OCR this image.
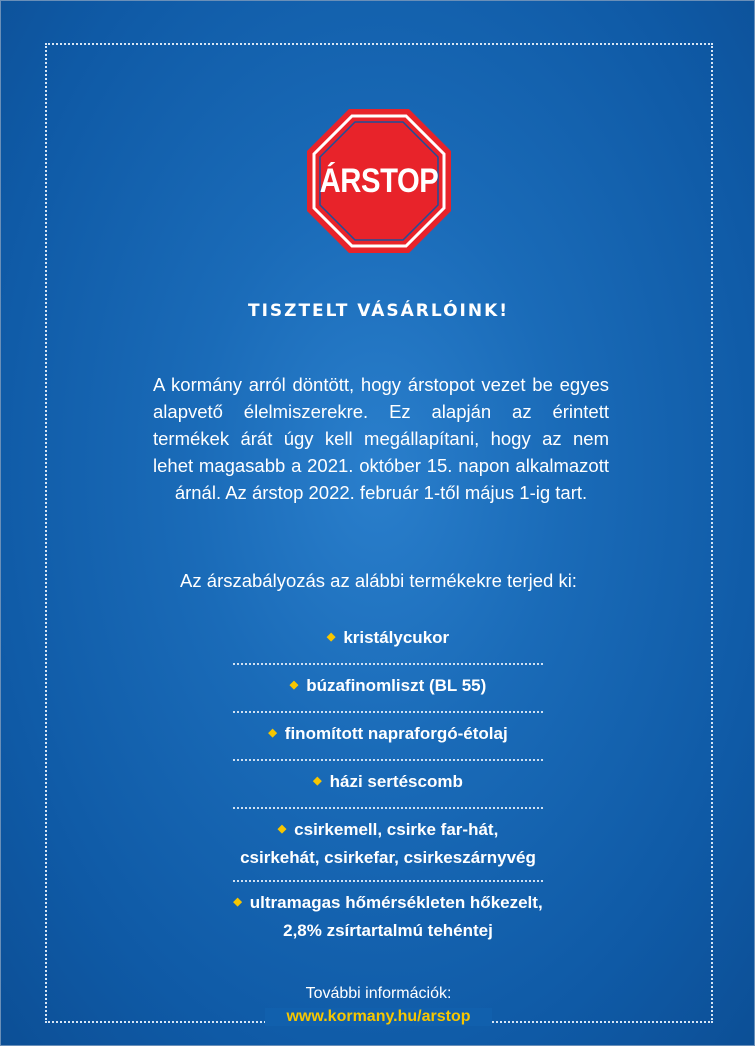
ÁRSTOP
TISZTELT VÁSÁRLÓINK!
A kormány arról döntött, hogy árstopot vezet be egyes alapvető élelmiszerekre. Ez alapján az érintett termékek árát úgy kell megállapítani, hogy az nem lehet magasabb a 2021. október 15. napon alkalmazott árnál. Az árstop 2022. február 1-től május 1-ig tart.
Az árszabályozás az alábbi termékekre terjed ki:
◆ kristálycukor
◆ búzafinomliszt (BL 55)
◆ finomított napraforgó-étolaj
◆ házi sertéscomb
◆ csirkemell, csirke far-hát,
csirkehát, csirkefar, csirkeszárnyvég
◆ ultramagas hőmérsékleten hőkezelt,
2,8% zsírtartalmú tehéntej
További információk:
www.kormany.hu/arstop
